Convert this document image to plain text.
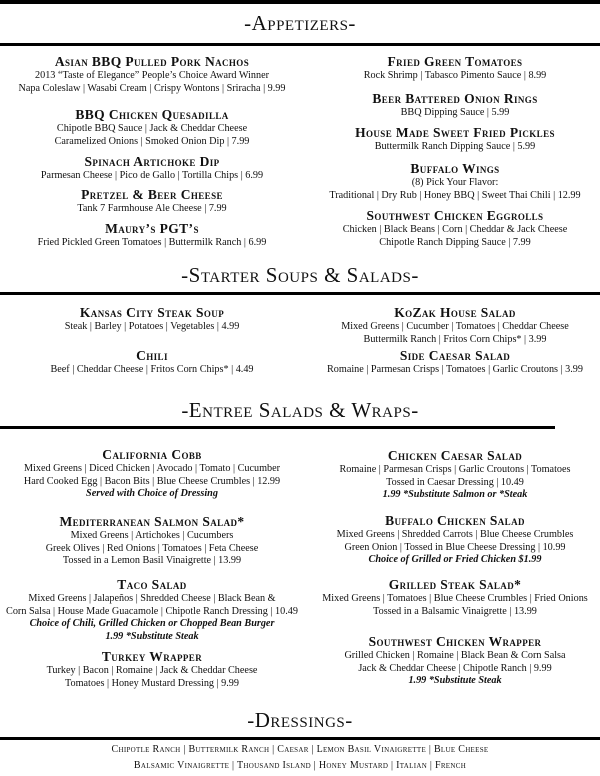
-Appetizers-
-Starter Soups & Salads-
-Entree Salads & Wraps-
-Dressings-
Chipotle Ranch | Buttermilk Ranch | Caesar | Lemon Basil Vinaigrette | Blue Cheese
Balsamic Vinaigrette | Thousand Island | Honey Mustard | Italian | French
Asian BBQ Pulled Pork Nachos
2013 “Taste of Elegance” People’s Choice Award Winner
Napa Coleslaw | Wasabi Cream | Crispy Wontons | Sriracha | 9.99
BBQ Chicken Quesadilla
Chipotle BBQ Sauce | Jack & Cheddar Cheese
Caramelized Onions | Smoked Onion Dip | 7.99
Spinach Artichoke Dip
Parmesan Cheese | Pico de Gallo | Tortilla Chips | 6.99
Pretzel & Beer Cheese
Tank 7 Farmhouse Ale Cheese | 7.99
Maury’s PGT’s
Fried Pickled Green Tomatoes | Buttermilk Ranch | 6.99
Fried Green Tomatoes
Rock Shrimp | Tabasco Pimento Sauce | 8.99
Beer Battered Onion Rings
BBQ Dipping Sauce | 5.99
House Made Sweet Fried Pickles
Buttermilk Ranch Dipping Sauce | 5.99
Buffalo Wings
(8) Pick Your Flavor:
Traditional | Dry Rub | Honey BBQ | Sweet Thai Chili | 12.99
Southwest Chicken Eggrolls
Chicken | Black Beans | Corn | Cheddar & Jack Cheese
Chipotle Ranch Dipping Sauce | 7.99
Kansas City Steak Soup
Steak | Barley | Potatoes | Vegetables | 4.99
Chili
Beef | Cheddar Cheese | Fritos Corn Chips* | 4.49
KoZak House Salad
Mixed Greens | Cucumber | Tomatoes | Cheddar Cheese
Buttermilk Ranch | Fritos Corn Chips* | 3.99
Side Caesar Salad
Romaine | Parmesan Crisps | Tomatoes | Garlic Croutons | 3.99
California Cobb
Mixed Greens | Diced Chicken | Avocado | Tomato | Cucumber
Hard Cooked Egg | Bacon Bits | Blue Cheese Crumbles | 12.99
Served with Choice of Dressing
Mediterranean Salmon Salad*
Mixed Greens | Artichokes | Cucumbers
Greek Olives | Red Onions | Tomatoes | Feta Cheese
Tossed in a Lemon Basil Vinaigrette | 13.99
Taco Salad
Mixed Greens | Jalapeños | Shredded Cheese | Black Bean &
Corn Salsa | House Made Guacamole | Chipotle Ranch Dressing | 10.49
Choice of Chili, Grilled Chicken or Chopped Bean Burger
1.99 *Substitute Steak
Turkey Wrapper
Turkey | Bacon | Romaine | Jack & Cheddar Cheese
Tomatoes | Honey Mustard Dressing | 9.99
Chicken Caesar Salad
Romaine | Parmesan Crisps | Garlic Croutons | Tomatoes
Tossed in Caesar Dressing | 10.49
1.99 *Substitute Salmon or *Steak
Buffalo Chicken Salad
Mixed Greens | Shredded Carrots | Blue Cheese Crumbles
Green Onion | Tossed in Blue Cheese Dressing | 10.99
Choice of Grilled or Fried Chicken $1.99
Grilled Steak Salad*
Mixed Greens | Tomatoes | Blue Cheese Crumbles | Fried Onions
Tossed in a Balsamic Vinaigrette | 13.99
Southwest Chicken Wrapper
Grilled Chicken | Romaine | Black Bean & Corn Salsa
Jack & Cheddar Cheese | Chipotle Ranch | 9.99
1.99 *Substitute Steak
